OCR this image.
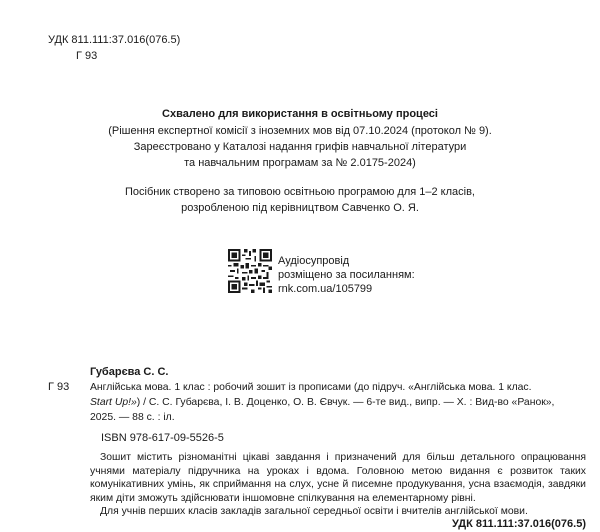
УДК 811.111:37.016(076.5)
Г 93
Схвалено для використання в освітньому процесі
(Рішення експертної комісії з іноземних мов від 07.10.2024 (протокол № 9).
Зареєстровано у Каталозі надання грифів навчальної літератури
та навчальним програмам за № 2.0175-2024)
Посібник створено за типовою освітньою програмою для 1–2 класів,
розробленою під керівництвом Савченко О. Я.
Аудіосупровід
розміщено за посиланням:
rnk.com.ua/105799
Губарєва С. С.
Г 93 Англійська мова. 1 клас : робочий зошит із прописами (до підруч. «Англійська мова. 1 клас.
Start Up!») / С. С. Губарєва, І. В. Доценко, О. В. Євчук. — 6-те вид., випр. — Х. : Вид-во «Ранок»,
2025. — 88 с. : іл.
ISBN 978-617-09-5526-5
Зошит містить різноманітні цікаві завдання і призначений для більш детального опрацювання учнями матеріалу підручника на уроках і вдома. Головною метою видання є розвиток таких комунікативних умінь, як сприймання на слух, усне й писемне продукування, усна взаємодія, завдяки яким діти зможуть здійснювати іншомовне спілкування на елементарному рівні.
Для учнів перших класів закладів загальної середньої освіти і вчителів англійської мови.
УДК 811.111:37.016(076.5)
